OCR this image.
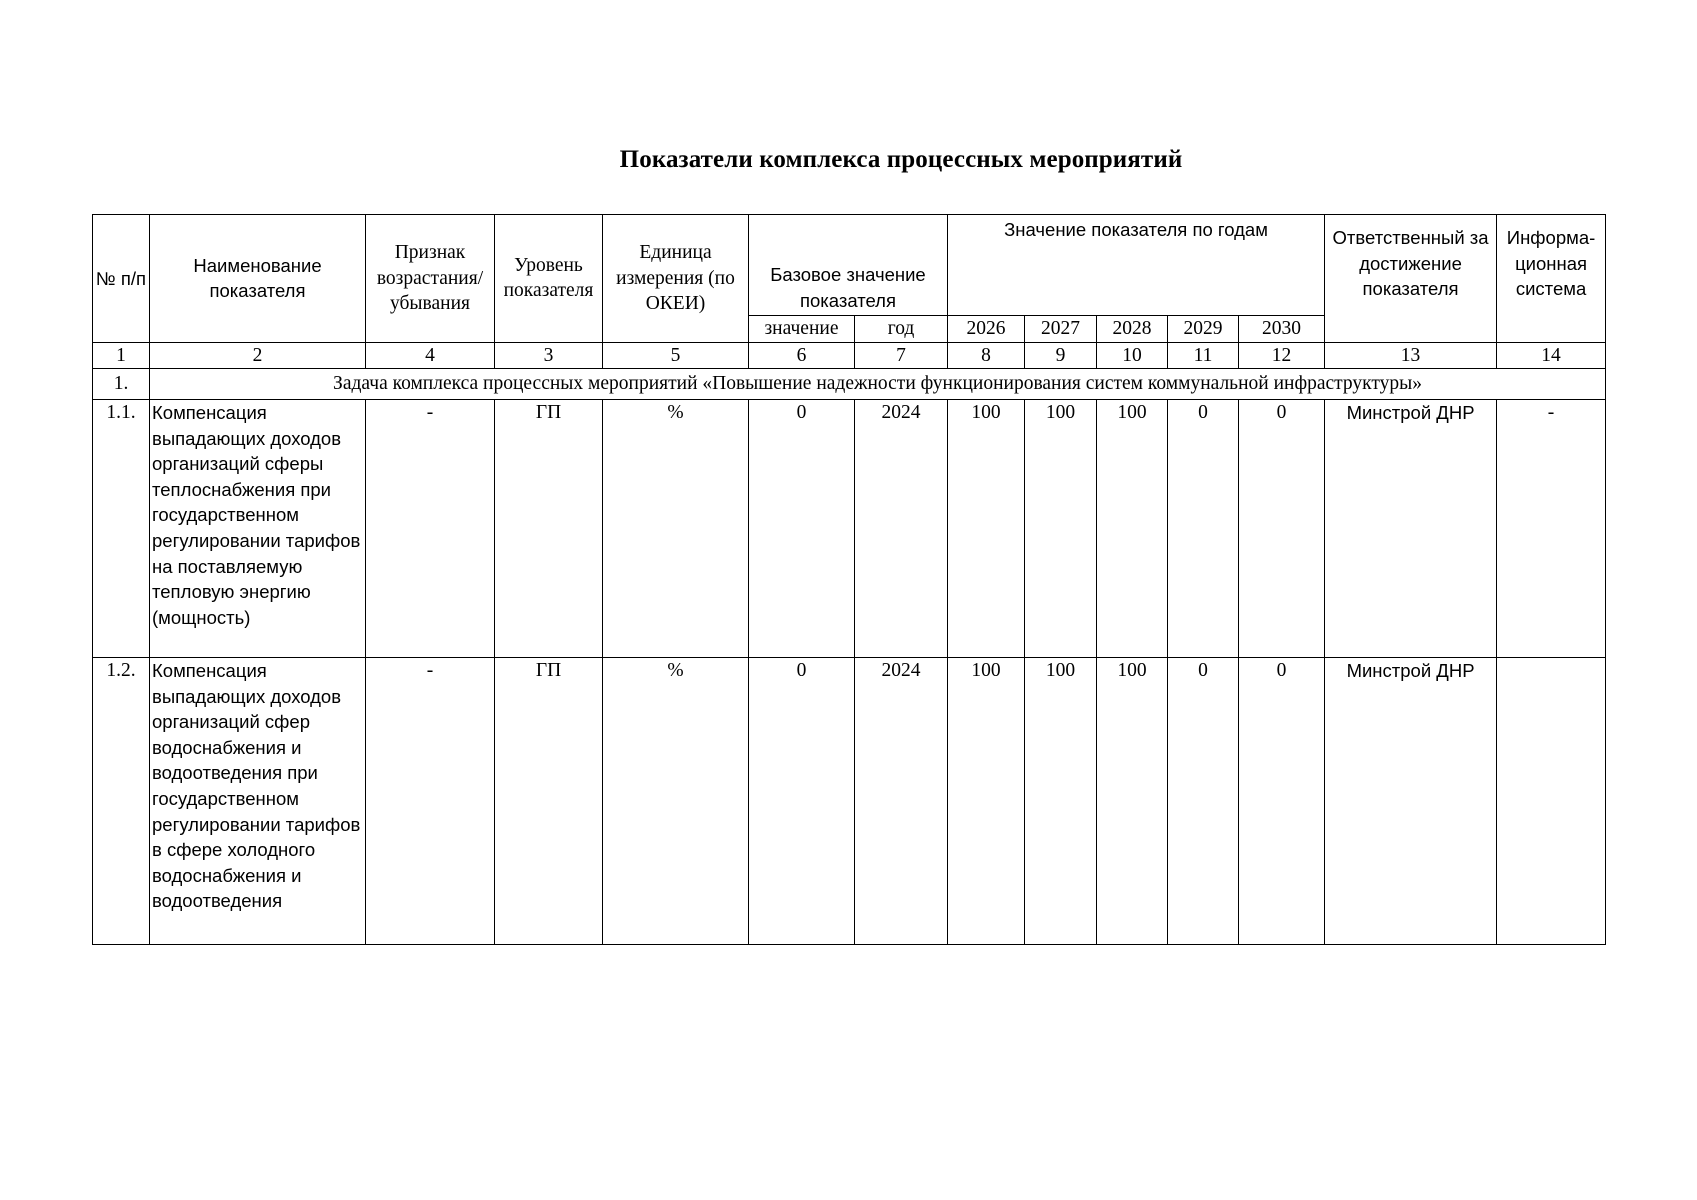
Показатели комплекса процессных мероприятий
№ п/п	Наименование показателя	Признак возрастания/ убывания	Уровень показателя	Единица измерения (по ОКЕИ)	Базовое значение показателя		Значение показателя по годам					Ответственный за достижение показателя	Информа-ционная система
					значение	год	2026	2027	2028	2029	2030		
1	2	4	3	5	6	7	8	9	10	11	12	13	14
1.	Задача комплекса процессных мероприятий «Повышение надежности функционирования систем коммунальной инфраструктуры»												
1.1.	Компенсация выпадающих доходов организаций сферы теплоснабжения при государственном регулировании тарифов на поставляемую тепловую энергию (мощность)	-	ГП	%	0	2024	100	100	100	0	0	Минстрой ДНР	-
1.2.	Компенсация выпадающих доходов организаций сфер водоснабжения и водоотведения при государственном регулировании тарифов в сфере холодного водоснабжения и водоотведения	-	ГП	%	0	2024	100	100	100	0	0	Минстрой ДНР	
